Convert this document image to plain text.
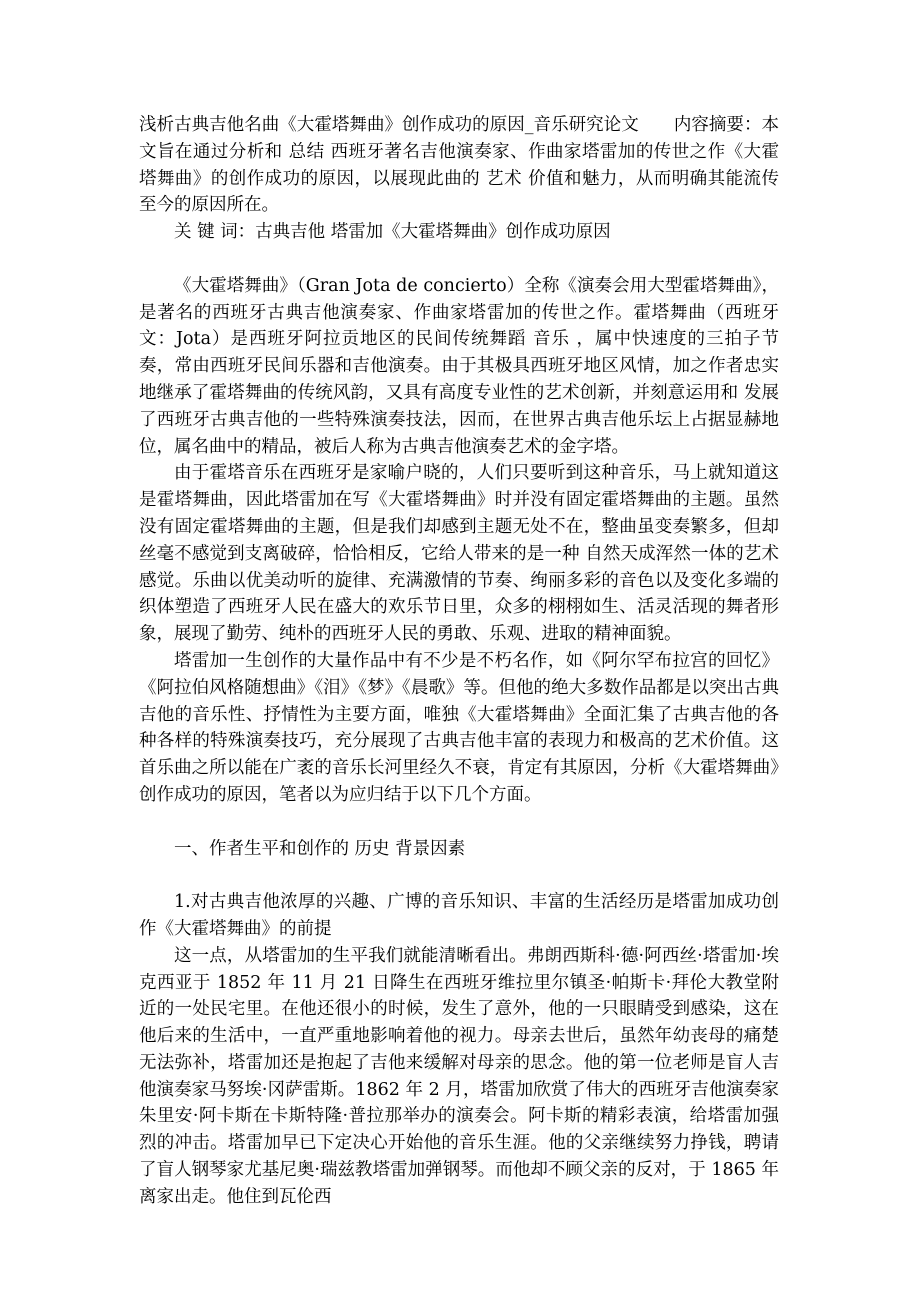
浅析古典吉他名曲《大霍塔舞曲》创作成功的原因_音乐研究论文　　内容摘要：本文旨在通过分析和 总结 西班牙著名吉他演奏家、作曲家塔雷加的传世之作《大霍塔舞曲》的创作成功的原因，以展现此曲的 艺术 价值和魅力，从而明确其能流传至今的原因所在。

关 键 词：古典吉他 塔雷加《大霍塔舞曲》创作成功原因

《大霍塔舞曲》（Gran Jota de concierto）全称《演奏会用大型霍塔舞曲》，是著名的西班牙古典吉他演奏家、作曲家塔雷加的传世之作。霍塔舞曲（西班牙文：Jota）是西班牙阿拉贡地区的民间传统舞蹈 音乐 ，属中快速度的三拍子节奏，常由西班牙民间乐器和吉他演奏。由于其极具西班牙地区风情，加之作者忠实地继承了霍塔舞曲的传统风韵，又具有高度专业性的艺术创新，并刻意运用和 发展 了西班牙古典吉他的一些特殊演奏技法，因而，在世界古典吉他乐坛上占据显赫地位，属名曲中的精品，被后人称为古典吉他演奏艺术的金字塔。

由于霍塔音乐在西班牙是家喻户晓的，人们只要听到这种音乐，马上就知道这是霍塔舞曲，因此塔雷加在写《大霍塔舞曲》时并没有固定霍塔舞曲的主题。虽然没有固定霍塔舞曲的主题，但是我们却感到主题无处不在，整曲虽变奏繁多，但却丝毫不感觉到支离破碎，恰恰相反，它给人带来的是一种 自然天成浑然一体的艺术感觉。乐曲以优美动听的旋律、充满激情的节奏、绚丽多彩的音色以及变化多端的织体塑造了西班牙人民在盛大的欢乐节日里，众多的栩栩如生、活灵活现的舞者形象，展现了勤劳、纯朴的西班牙人民的勇敢、乐观、进取的精神面貌。

塔雷加一生创作的大量作品中有不少是不朽名作，如《阿尔罕布拉宫的回忆》《阿拉伯风格随想曲》《泪》《梦》《晨歌》等。但他的绝大多数作品都是以突出古典吉他的音乐性、抒情性为主要方面，唯独《大霍塔舞曲》全面汇集了古典吉他的各种各样的特殊演奏技巧，充分展现了古典吉他丰富的表现力和极高的艺术价值。这首乐曲之所以能在广袤的音乐长河里经久不衰，肯定有其原因，分析《大霍塔舞曲》创作成功的原因，笔者以为应归结于以下几个方面。

一、作者生平和创作的 历史 背景因素

1.对古典吉他浓厚的兴趣、广博的音乐知识、丰富的生活经历是塔雷加成功创作《大霍塔舞曲》的前提

这一点，从塔雷加的生平我们就能清晰看出。弗朗西斯科·德·阿西丝·塔雷加·埃克西亚于 1852 年 11 月 21 日降生在西班牙维拉里尔镇圣·帕斯卡·拜伦大教堂附近的一处民宅里。在他还很小的时候，发生了意外，他的一只眼睛受到感染，这在他后来的生活中，一直严重地影响着他的视力。母亲去世后，虽然年幼丧母的痛楚无法弥补，塔雷加还是抱起了吉他来缓解对母亲的思念。他的第一位老师是盲人吉他演奏家马努埃·冈萨雷斯。1862 年 2 月，塔雷加欣赏了伟大的西班牙吉他演奏家朱里安·阿卡斯在卡斯特隆·普拉那举办的演奏会。阿卡斯的精彩表演，给塔雷加强烈的冲击。塔雷加早已下定决心开始他的音乐生涯。他的父亲继续努力挣钱，聘请了盲人钢琴家尤基尼奥·瑞兹教塔雷加弹钢琴。而他却不顾父亲的反对，于 1865 年离家出走。他住到瓦伦西
